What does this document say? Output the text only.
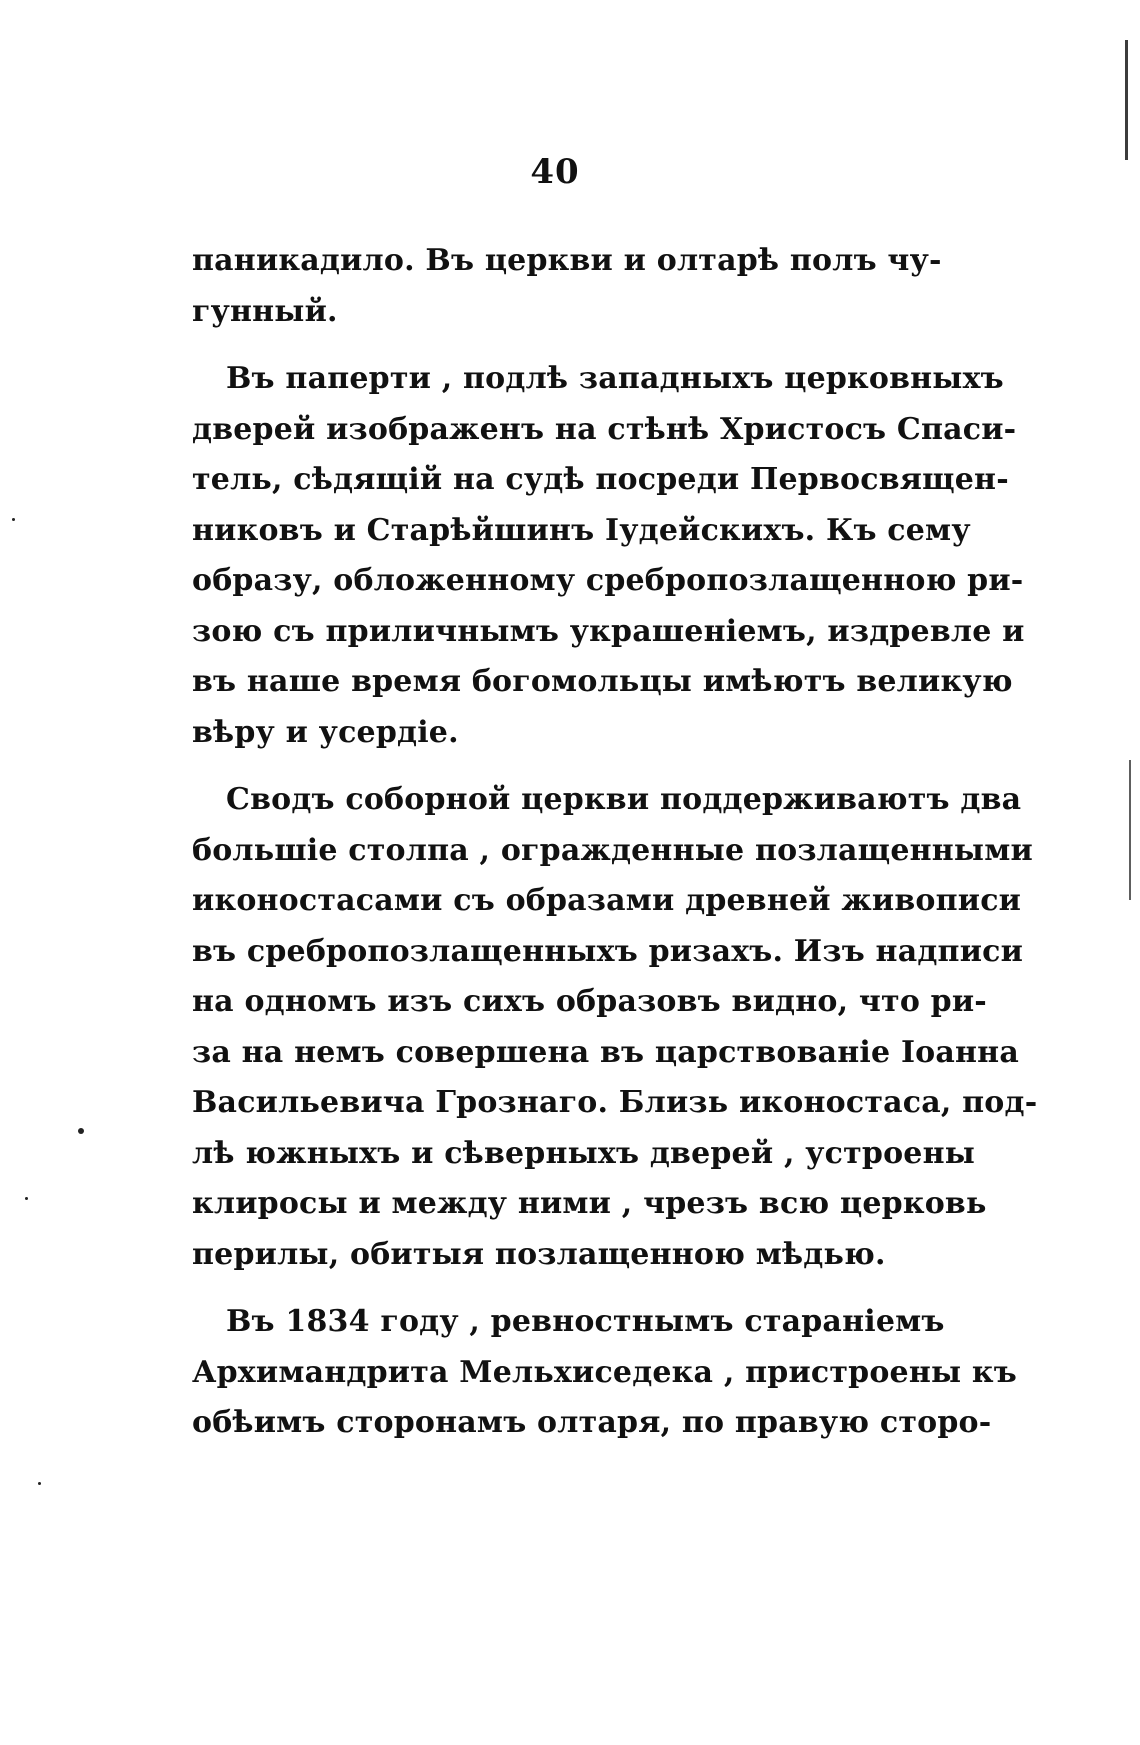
40
паникадило. Въ церкви и олтарѣ полъ чу-
гунный.
Въ паперти , подлѣ западныхъ церковныхъ
дверей изображенъ на стѣнѣ Христосъ Спаси-
тель, сѣдящій на судѣ посреди Первосвящен-
никовъ и Старѣйшинъ Іудейскихъ. Къ сему
образу, обложенному сребропозлащенною ри-
зою съ приличнымъ украшеніемъ, издревле и
въ наше время богомольцы имѣютъ великую
вѣру и усердіе.
Сводъ соборной церкви поддерживаютъ два
большіе столпа , огражденные позлащенными
иконостасами съ образами древней живописи
въ сребропозлащенныхъ ризахъ. Изъ надписи
на одномъ изъ сихъ образовъ видно, что ри-
за на немъ совершена въ царствованіе Іоанна
Васильевича Грознаго. Близь иконостаса, под-
лѣ южныхъ и сѣверныхъ дверей , устроены
клиросы и между ними , чрезъ всю церковь
перилы, обитыя позлащенною мѣдью.
Въ 1834 году , ревностнымъ стараніемъ
Архимандрита Мельхиседека , пристроены къ
обѣимъ сторонамъ олтаря, по правую сторо-
